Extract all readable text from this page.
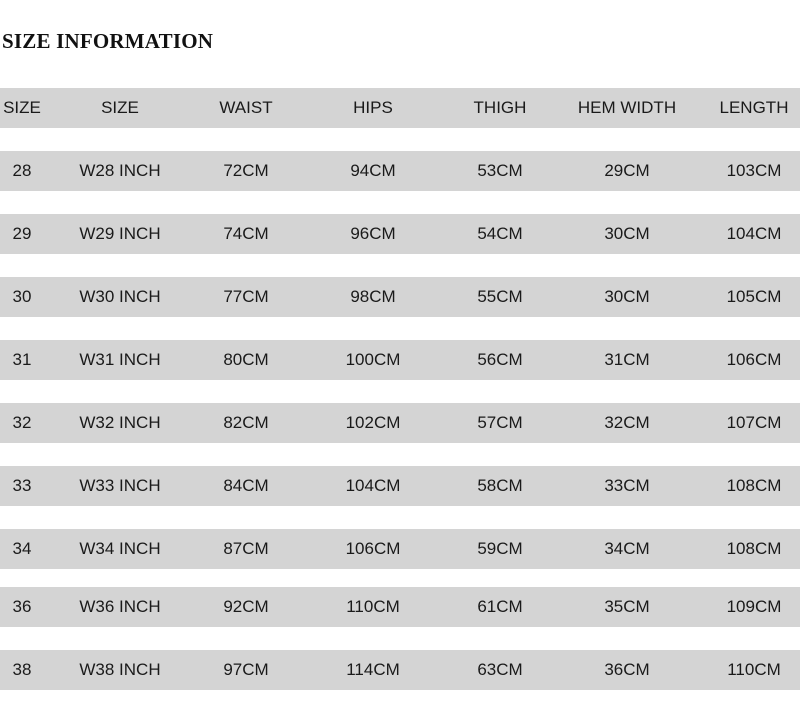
SIZE INFORMATION
SIZE	SIZE	WAIST	HIPS	THIGH	HEM WIDTH	LENGTH
28	W28 INCH	72CM	94CM	53CM	29CM	103CM
29	W29 INCH	74CM	96CM	54CM	30CM	104CM
30	W30 INCH	77CM	98CM	55CM	30CM	105CM
31	W31 INCH	80CM	100CM	56CM	31CM	106CM
32	W32 INCH	82CM	102CM	57CM	32CM	107CM
33	W33 INCH	84CM	104CM	58CM	33CM	108CM
34	W34 INCH	87CM	106CM	59CM	34CM	108CM
36	W36 INCH	92CM	110CM	61CM	35CM	109CM
38	W38 INCH	97CM	114CM	63CM	36CM	110CM
